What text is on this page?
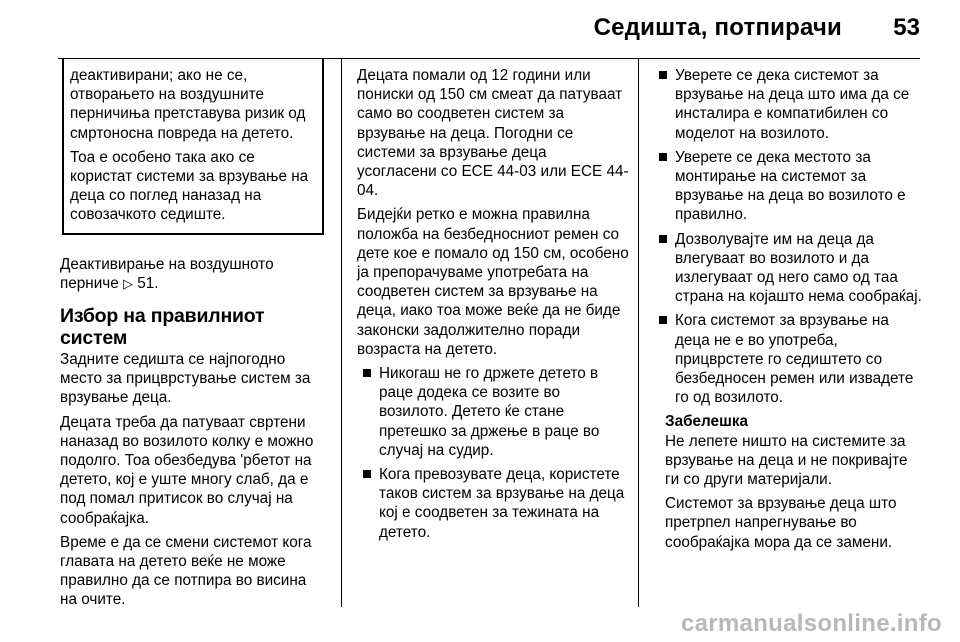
Седишта, потпирачи 53

деактивирани; ако не се, отворањето на воздушните перничиња претставува ризик од смртоносна повреда на детето.

Тоа е особено така ако се користат системи за врзување на деца со поглед наназад на совозачкото седиште.

Деактивирање на воздушното перниче ▷ 51.

Избор на правилниот систем

Задните седишта се најпогодно место за прицврстување систем за врзување деца.

Децата треба да патуваат свртени наназад во возилото колку е можно подолго. Тоа обезбедува 'рбетот на детето, кој е уште многу слаб, да е под помал притисок во случај на сообраќајка.

Време е да се смени системот кога главата на детето веќе не може правилно да се потпира во висина на очите.

Децата помали од 12 години или пониски од 150 см смеат да патуваат само во соодветен систем за врзување на деца. Погодни се системи за врзување деца усогласени со ECE 44-03 или ECE 44-04.

Бидејќи ретко е можна правилна положба на безбедносниот ремен со дете кое е помало од 150 см, особено ја препорачуваме употребата на соодветен систем за врзување на деца, иако тоа може веќе да не биде законски задолжително поради возраста на детето.

Никогаш не го држете детето в раце додека се возите во возилото. Детето ќе стане претешко за држење в раце во случај на судир.
Кога превозувате деца, користете таков систем за врзување на деца кој е соодветен за тежината на детето.
Уверете се дека системот за врзување на деца што има да се инсталира е компатибилен со моделот на возилото.
Уверете се дека местото за монтирање на системот за врзување на деца во возилото е правилно.
Дозволувајте им на деца да влегуваат во возилото и да излегуваат од него само од таа страна на којашто нема сообраќај.
Кога системот за врзување на деца не е во употреба, прицврстете го седиштето со безбедносен ремен или извадете го од возилото.
Забелешка

Не лепете ништо на системите за врзување на деца и не покривајте ги со други материјали.

Системот за врзување деца што претрпел напрегнување во сообраќајка мора да се замени.

carmanualsonline.info
